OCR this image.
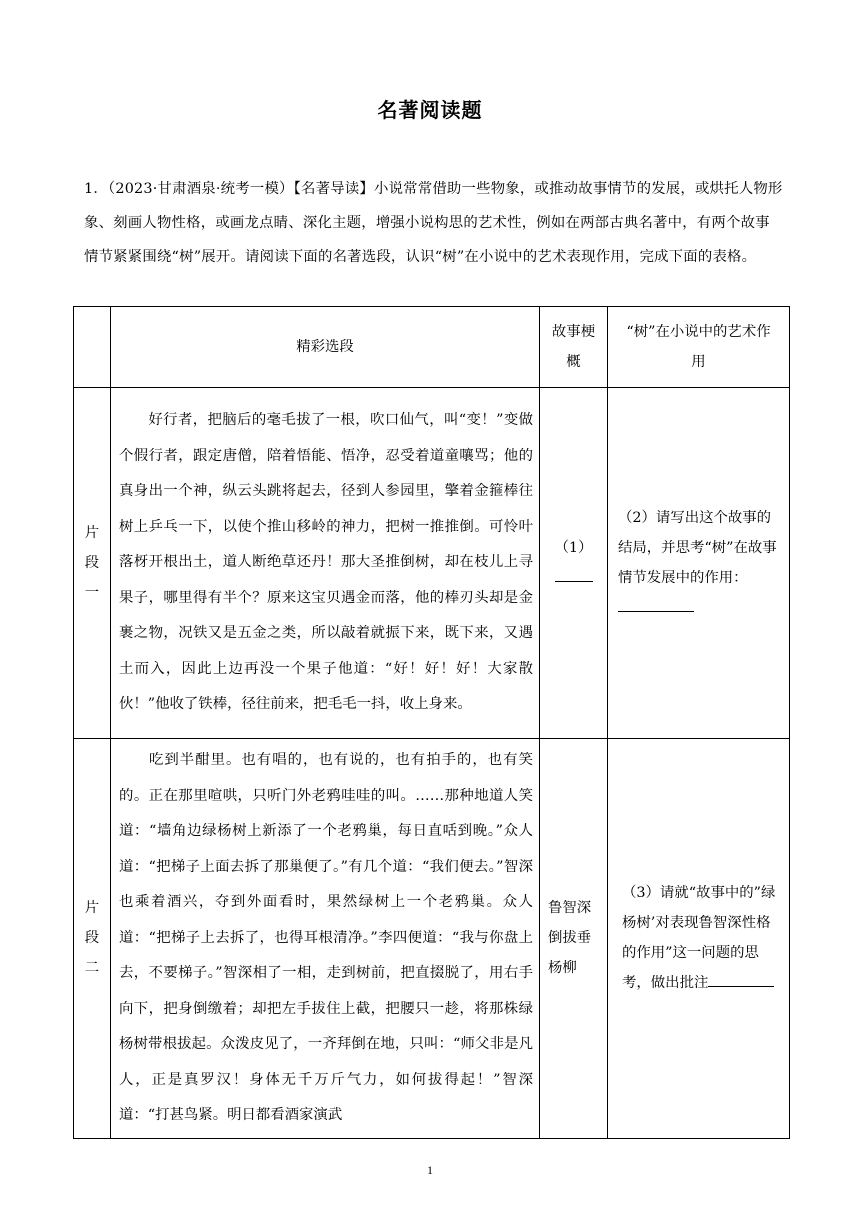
名著阅读题

1．（2023·甘肃酒泉·统考一模）【名著导读】小说常常借助一些物象，或推动故事情节的发展，或烘托人物形象、刻画人物性格，或画龙点睛、深化主题，增强小说构思的艺术性，例如在两部古典名著中，有两个故事情节紧紧围绕“树”展开。请阅读下面的名著选段，认识“树”在小说中的艺术表现作用，完成下面的表格。

	精彩选段	故事梗概	“树”在小说中的艺术作用
片段一	好行者，把脑后的毫毛拔了一根，吹口仙气，叫“变！”变做个假行者，跟定唐僧，陪着悟能、悟净，忍受着道童嚷骂；他的真身出一个神，纵云头跳将起去，径到人参园里，擎着金箍棒往树上乒乓一下，以使个推山移岭的神力，把树一推推倒。可怜叶落枒开根出土，道人断绝草还丹！那大圣推倒树，却在枝儿上寻果子，哪里得有半个？原来这宝贝遇金而落，他的棒刃头却是金裹之物，况铁又是五金之类，所以敲着就振下来，既下来，又遇土而入，因此上边再没一个果子他道：“好！好！好！大家散伙！”他收了铁棒，径往前来，把毛毛一抖，收上身来。	（1）	（2）请写出这个故事的结局，并思考“树”在故事情节发展中的作用：

片段二	吃到半酣里。也有唱的，也有说的，也有拍手的，也有笑的。正在那里喧哄，只听门外老鸦哇哇的叫。……那种地道人笑道：“墙角边绿杨树上新添了一个老鸦巢，每日直咶到晚。”众人道：“把梯子上面去拆了那巢便了。”有几个道：“我们便去。”智深也乘着酒兴，夺到外面看时，果然绿树上一个老鸦巢。众人道：“把梯子上去拆了，也得耳根清净。”李四便道：“我与你盘上去，不要梯子。”智深相了一相，走到树前，把直掇脱了，用右手向下，把身倒缴着；却把左手拔住上截，把腰只一趁，将那株绿杨树带根拔起。众泼皮见了，一齐拜倒在地，只叫：“师父非是凡人，正是真罗汉！身体无千万斤气力，如何拔得起！”智深道：“打甚鸟紧。明日都看酒家演武	鲁智深倒拔垂杨柳	（3）请就“故事中的”绿杨树’对表现鲁智深性格的作用”这一问题的思考，做出批注
1
